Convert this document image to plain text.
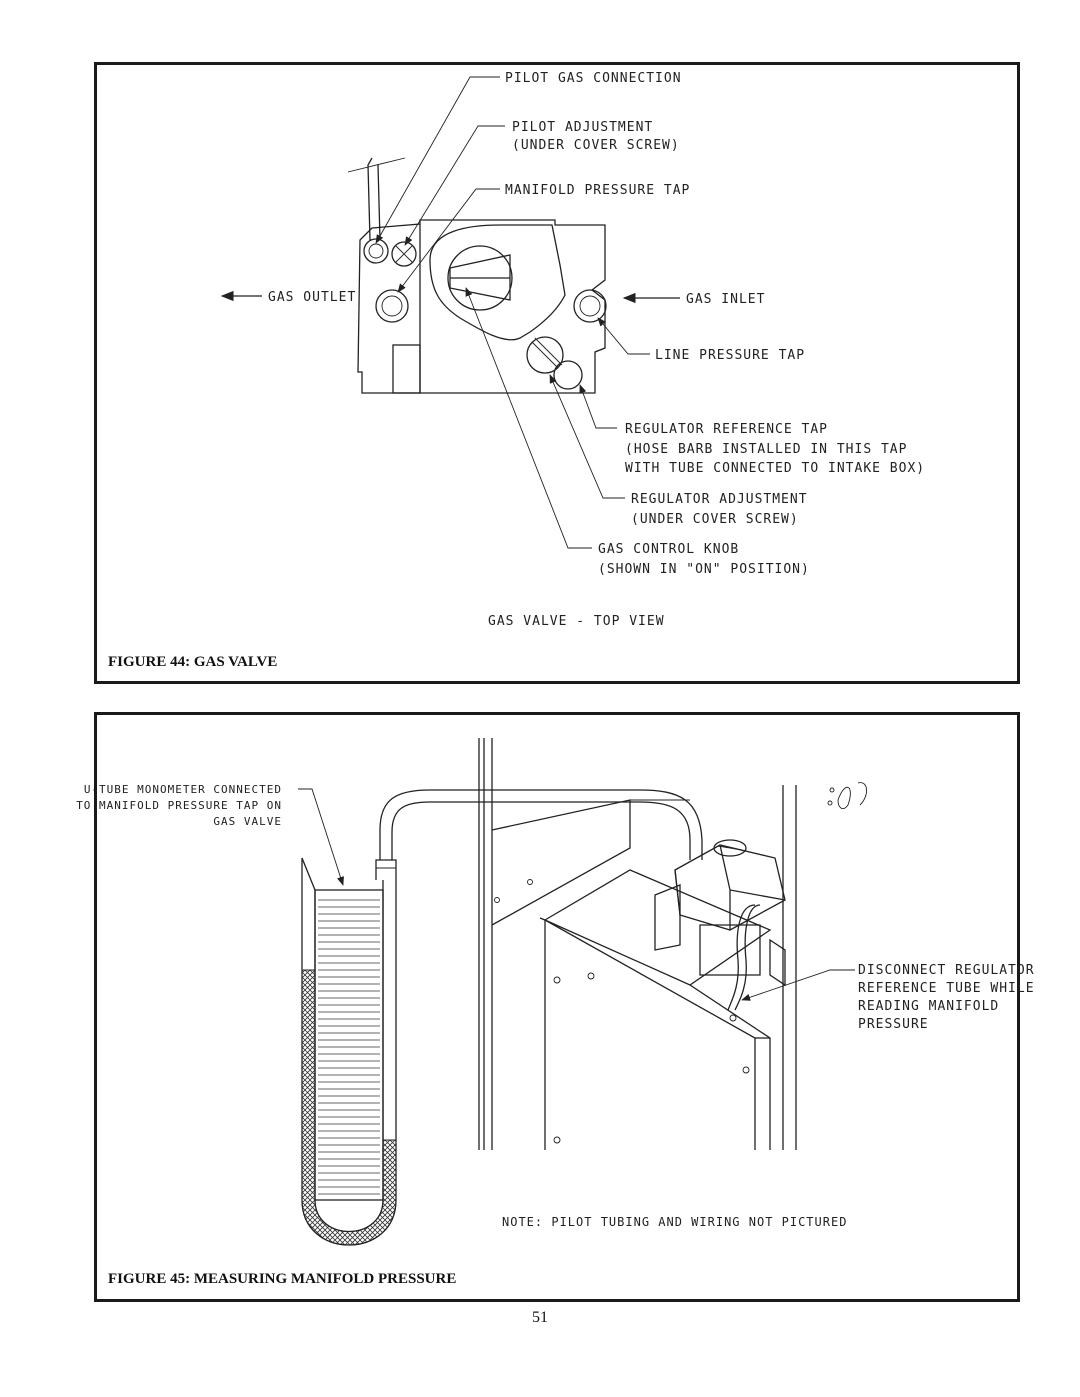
PILOT GAS CONNECTION
PILOT ADJUSTMENT
(UNDER COVER SCREW)
MANIFOLD PRESSURE TAP
GAS OUTLET	GAS INLET
LINE PRESSURE TAP
REGULATOR REFERENCE TAP
(HOSE BARB INSTALLED IN THIS TAP
WITH TUBE CONNECTED TO INTAKE BOX)
REGULATOR ADJUSTMENT
(UNDER COVER SCREW)
GAS CONTROL KNOB
(SHOWN IN "ON" POSITION)
GAS VALVE - TOP VIEW
U-TUBE MONOMETER CONNECTED
TO MANIFOLD PRESSURE TAP ON
GAS VALVE
DISCONNECT REGULATOR
REFERENCE TUBE WHILE
READING MANIFOLD
PRESSURE
NOTE: PILOT TUBING AND WIRING NOT PICTURED
FIGURE 44: GAS VALVE
FIGURE 45: MEASURING MANIFOLD PRESSURE
51
